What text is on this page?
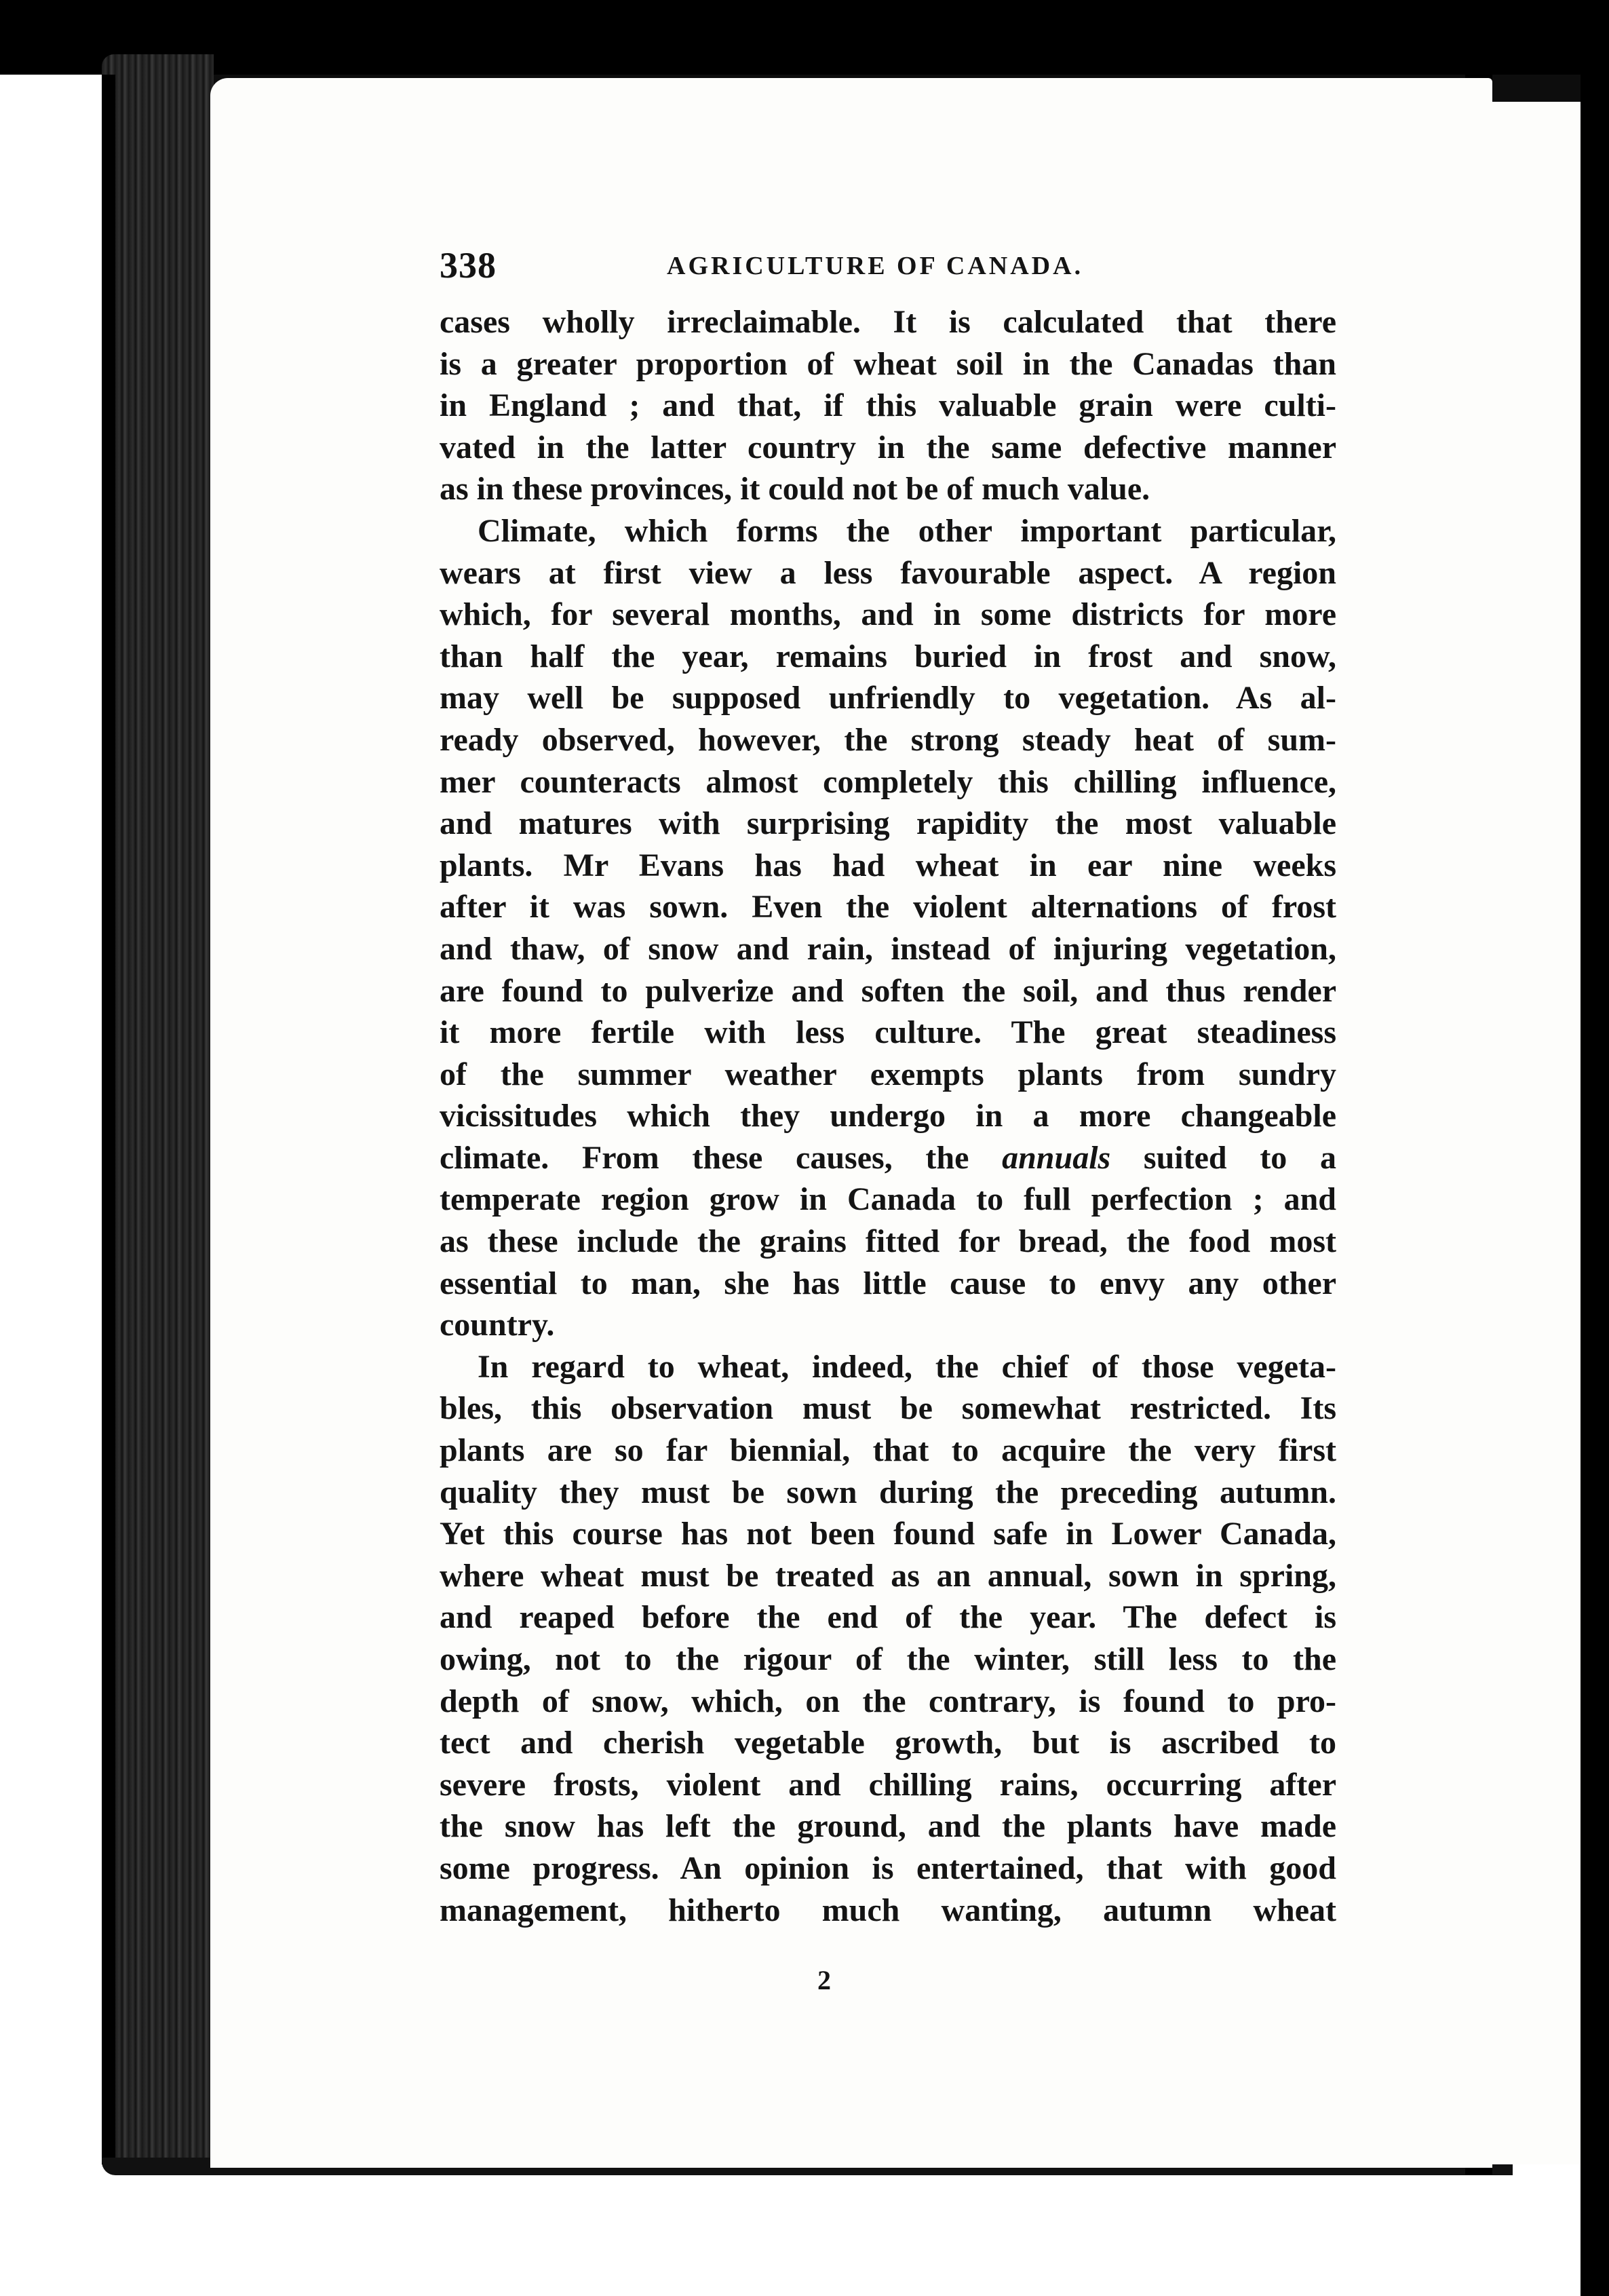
338	AGRICULTURE OF CANADA.
cases wholly irreclaimable. It is calculated that there
is a greater proportion of wheat soil in the Canadas than
in England ; and that, if this valuable grain were culti-
vated in the latter country in the same defective manner
as in these provinces, it could not be of much value.
Climate, which forms the other important particular,
wears at first view a less favourable aspect. A region
which, for several months, and in some districts for more
than half the year, remains buried in frost and snow,
may well be supposed unfriendly to vegetation. As al-
ready observed, however, the strong steady heat of sum-
mer counteracts almost completely this chilling influence,
and matures with surprising rapidity the most valuable
plants. Mr Evans has had wheat in ear nine weeks
after it was sown. Even the violent alternations of frost
and thaw, of snow and rain, instead of injuring vegetation,
are found to pulverize and soften the soil, and thus render
it more fertile with less culture. The great steadiness
of the summer weather exempts plants from sundry
vicissitudes which they undergo in a more changeable
climate. From these causes, the annuals suited to a
temperate region grow in Canada to full perfection ; and
as these include the grains fitted for bread, the food most
essential to man, she has little cause to envy any other
country.
In regard to wheat, indeed, the chief of those vegeta-
bles, this observation must be somewhat restricted. Its
plants are so far biennial, that to acquire the very first
quality they must be sown during the preceding autumn.
Yet this course has not been found safe in Lower Canada,
where wheat must be treated as an annual, sown in spring,
and reaped before the end of the year. The defect is
owing, not to the rigour of the winter, still less to the
depth of snow, which, on the contrary, is found to pro-
tect and cherish vegetable growth, but is ascribed to
severe frosts, violent and chilling rains, occurring after
the snow has left the ground, and the plants have made
some progress. An opinion is entertained, that with good
management, hitherto much wanting, autumn wheat
2
